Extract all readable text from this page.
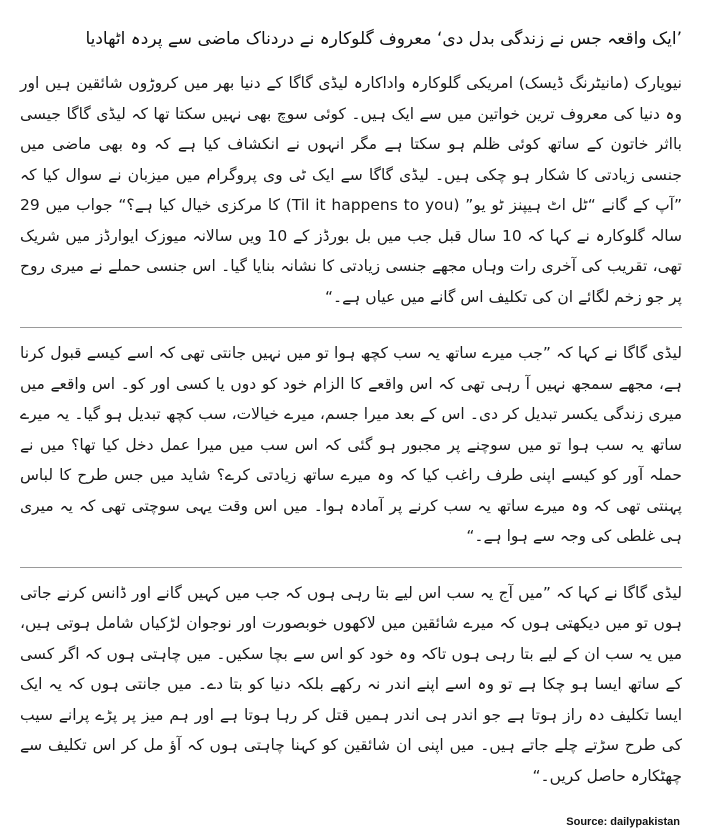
’ایک واقعہ جس نے زندگی بدل دی‘ معروف گلوکارہ نے دردناک ماضی سے پردہ اٹھادیا

نیویارک (مانیٹرنگ ڈیسک) امریکی گلوکارہ واداکارہ لیڈی گاگا کے دنیا بھر میں کروڑوں شائقین ہیں اور وہ دنیا کی معروف ترین خواتین میں سے ایک ہیں۔ کوئی سوچ بھی نہیں سکتا تھا کہ لیڈی گاگا جیسی بااثر خاتون کے ساتھ کوئی ظلم ہو سکتا ہے مگر انہوں نے انکشاف کیا ہے کہ وہ بھی ماضی میں جنسی زیادتی کا شکار ہو چکی ہیں۔ لیڈی گاگا سے ایک ٹی وی پروگرام میں میزبان نے سوال کیا کہ ”آپ کے گانے “ٹل اٹ ہیپنز ٹو یو” (Til it happens to you) کا مرکزی خیال کیا ہے؟“ جواب میں 29 سالہ گلوکارہ نے کہا کہ 10 سال قبل جب میں بل بورڈز کے 10 ویں سالانہ میوزک ایوارڈز میں شریک تھی، تقریب کی آخری رات وہاں مجھے جنسی زیادتی کا نشانہ بنایا گیا۔ اس جنسی حملے نے میری روح پر جو زخم لگائے ان کی تکلیف اس گانے میں عیاں ہے۔“

لیڈی گاگا نے کہا کہ ”جب میرے ساتھ یہ سب کچھ ہوا تو میں نہیں جانتی تھی کہ اسے کیسے قبول کرنا ہے، مجھے سمجھ نہیں آ رہی تھی کہ اس واقعے کا الزام خود کو دوں یا کسی اور کو۔ اس واقعے میں میری زندگی یکسر تبدیل کر دی۔ اس کے بعد میرا جسم، میرے خیالات، سب کچھ تبدیل ہو گیا۔ یہ میرے ساتھ یہ سب ہوا تو میں سوچنے پر مجبور ہو گئی کہ اس سب میں میرا عمل دخل کیا تھا؟ میں نے حملہ آور کو کیسے اپنی طرف راغب کیا کہ وہ میرے ساتھ زیادتی کرے؟ شاید میں جس طرح کا لباس پہنتی تھی کہ وہ میرے ساتھ یہ سب کرنے پر آمادہ ہوا۔ میں اس وقت یہی سوچتی تھی کہ یہ میری ہی غلطی کی وجہ سے ہوا ہے۔“

لیڈی گاگا نے کہا کہ ”میں آج یہ سب اس لیے بتا رہی ہوں کہ جب میں کہیں گانے اور ڈانس کرنے جاتی ہوں تو میں دیکھتی ہوں کہ میرے شائقین میں لاکھوں خوبصورت اور نوجوان لڑکیاں شامل ہوتی ہیں، میں یہ سب ان کے لیے بتا رہی ہوں تاکہ وہ خود کو اس سے بچا سکیں۔ میں چاہتی ہوں کہ اگر کسی کے ساتھ ایسا ہو چکا ہے تو وہ اسے اپنے اندر نہ رکھے بلکہ دنیا کو بتا دے۔ میں جانتی ہوں کہ یہ ایک ایسا تکلیف دہ راز ہوتا ہے جو اندر ہی اندر ہمیں قتل کر رہا ہوتا ہے اور ہم میز پر پڑے پرانے سیب کی طرح سڑتے چلے جاتے ہیں۔ میں اپنی ان شائقین کو کہنا چاہتی ہوں کہ آؤ مل کر اس تکلیف سے چھٹکارہ حاصل کریں۔“

Source: dailypakistan
